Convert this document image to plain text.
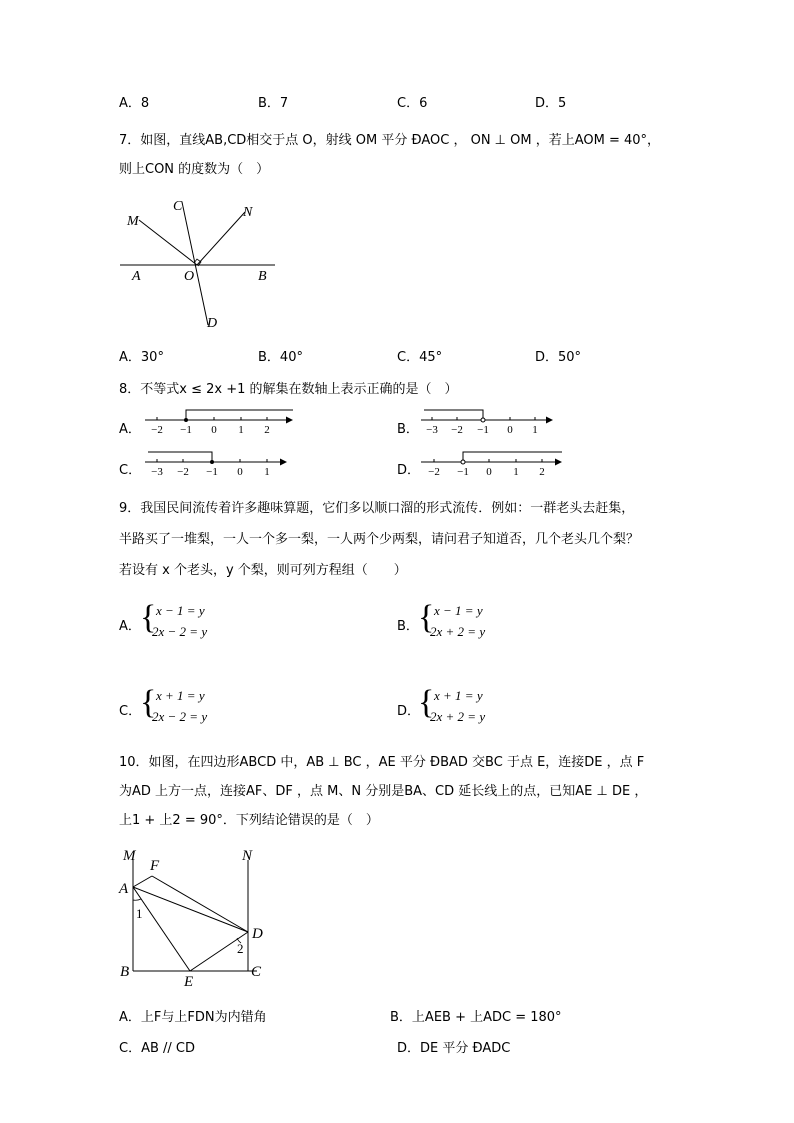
A．8	B．7	C．6	D．5
7．如图，直线AB,CD相交于点 O，射线 OM 平分 ÐAOC ， ON ⊥ OM ，若上AOM = 40°，
则上CON 的度数为（　）
M
C	N
A	O	B
D
A．30°	B．40°	C．45°	D．50°
8．不等式x ≤ 2x +1 的解集在数轴上表示正确的是（　）
A． −2 −1 0 1 2	B． −3 −2 −1 0 1
C． −3 −2 −1 0 1	D． −2 −1 0 1 2
9．我国民间流传着许多趣味算题，它们多以顺口溜的形式流传．例如：一群老头去赶集，
半路买了一堆梨，一人一个多一梨，一人两个少两梨，请问君子知道否，几个老头几个梨？
若设有 x 个老头，y 个梨，则可列方程组（　　）
A． { x − 1 = y
2x − 2 = y	B． { x − 1 = y
2x + 2 = y
C．
{ x + 1 = y
2x − 2 = y	D．
{ x + 1 = y
2x + 2 = y
10．如图，在四边形ABCD 中，AB ⊥ BC ，AE 平分 ÐBAD 交BC 于点 E，连接DE ，点 F
为AD 上方一点，连接AF、DF ，点 M、N 分别是BA、CD 延长线上的点，已知AE ⊥ DE ，
上1 + 上2 = 90°．下列结论错误的是（　）
M
F
N
A
1
D
2
B
E
C
A．上F与上FDN为内错角	B．上AEB + 上ADC = 180°
C．AB // CD	D．DE 平分 ÐADC
